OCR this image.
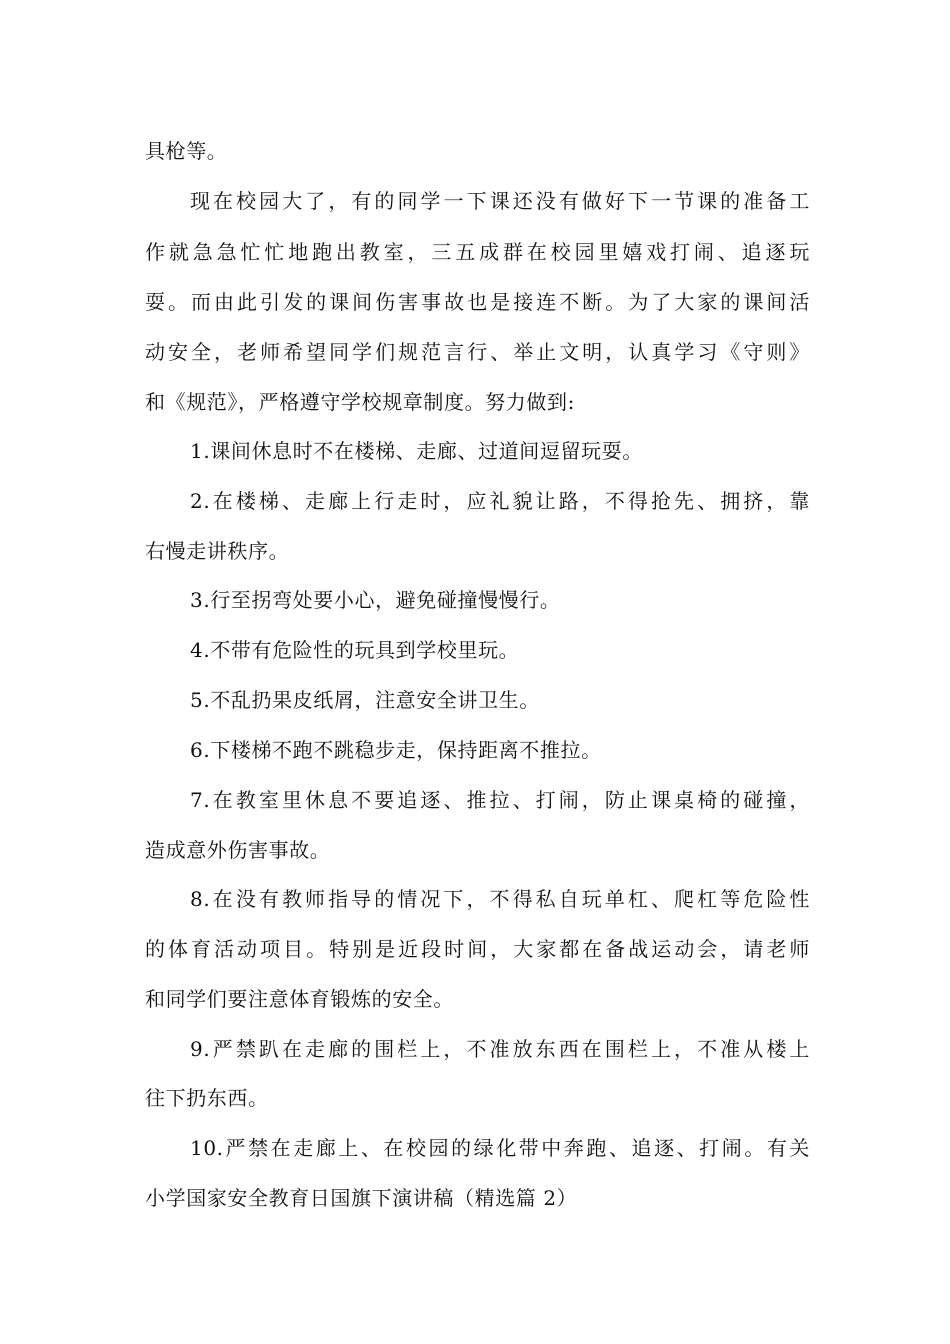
具枪等。
现在校园大了，有的同学一下课还没有做好下一节课的准备工
作就急急忙忙地跑出教室，三五成群在校园里嬉戏打闹、追逐玩
耍。而由此引发的课间伤害事故也是接连不断。为了大家的课间活
动安全，老师希望同学们规范言行、举止文明，认真学习《守则》
和《规范》，严格遵守学校规章制度。努力做到:
1.课间休息时不在楼梯、走廊、过道间逗留玩耍。
2.在楼梯、走廊上行走时，应礼貌让路，不得抢先、拥挤，靠
右慢走讲秩序。
3.行至拐弯处要小心，避免碰撞慢慢行。
4.不带有危险性的玩具到学校里玩。
5.不乱扔果皮纸屑，注意安全讲卫生。
6.下楼梯不跑不跳稳步走，保持距离不推拉。
7.在教室里休息不要追逐、推拉、打闹，防止课桌椅的碰撞，
造成意外伤害事故。
8.在没有教师指导的情况下，不得私自玩单杠、爬杠等危险性
的体育活动项目。特别是近段时间，大家都在备战运动会，请老师
和同学们要注意体育锻炼的安全。
9.严禁趴在走廊的围栏上，不准放东西在围栏上，不准从楼上
往下扔东西。
10.严禁在走廊上、在校园的绿化带中奔跑、追逐、打闹。有关
小学国家安全教育日国旗下演讲稿（精选篇 2）
